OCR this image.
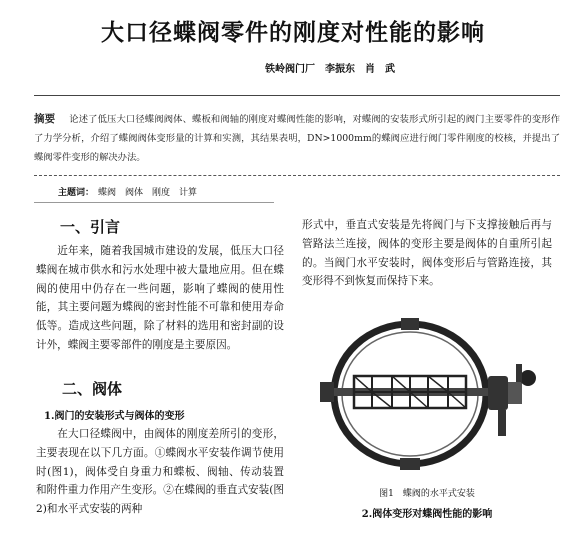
大口径蝶阀零件的刚度对性能的影响
铁岭阀门厂　李振东　肖　武
摘要 论述了低压大口径蝶阀阀体、蝶板和阀轴的刚度对蝶阀性能的影响，对蝶阀的安装形式所引起的阀门主要零件的变形作了力学分析，介绍了蝶阀阀体变形量的计算和实测，其结果表明，DN>1000mm的蝶阀应进行阀门零件刚度的校核，并提出了蝶阀零件变形的解决办法。
主题词： 蝶阀　阀体　刚度　计算
一、引言
近年来，随着我国城市建设的发展，低压大口径蝶阀在城市供水和污水处理中被大量地应用。但在蝶阀的使用中仍存在一些问题，影响了蝶阀的使用性能，其主要问题为蝶阀的密封性能不可靠和使用寿命低等。造成这些问题，除了材料的选用和密封副的设计外，蝶阀主要零部件的刚度是主要原因。
二、阀体
1.阀门的安装形式与阀体的变形
在大口径蝶阀中，由阀体的刚度差所引的变形，主要表现在以下几方面。①蝶阀水平安装作调节使用时(图1)，阀体受自身重力和蝶板、阀轴、传动装置和附件重力作用产生变形。②在蝶阀的垂直式安装(图2)和水平式安装的两种
形式中，垂直式安装是先将阀门与下支撑接触后再与管路法兰连接，阀体的变形主要是阀体的自重所引起的。当阀门水平安装时，阀体变形后与管路连接，其变形得不到恢复而保持下来。
图1　蝶阀的水平式安装
2.阀体变形对蝶阀性能的影响
